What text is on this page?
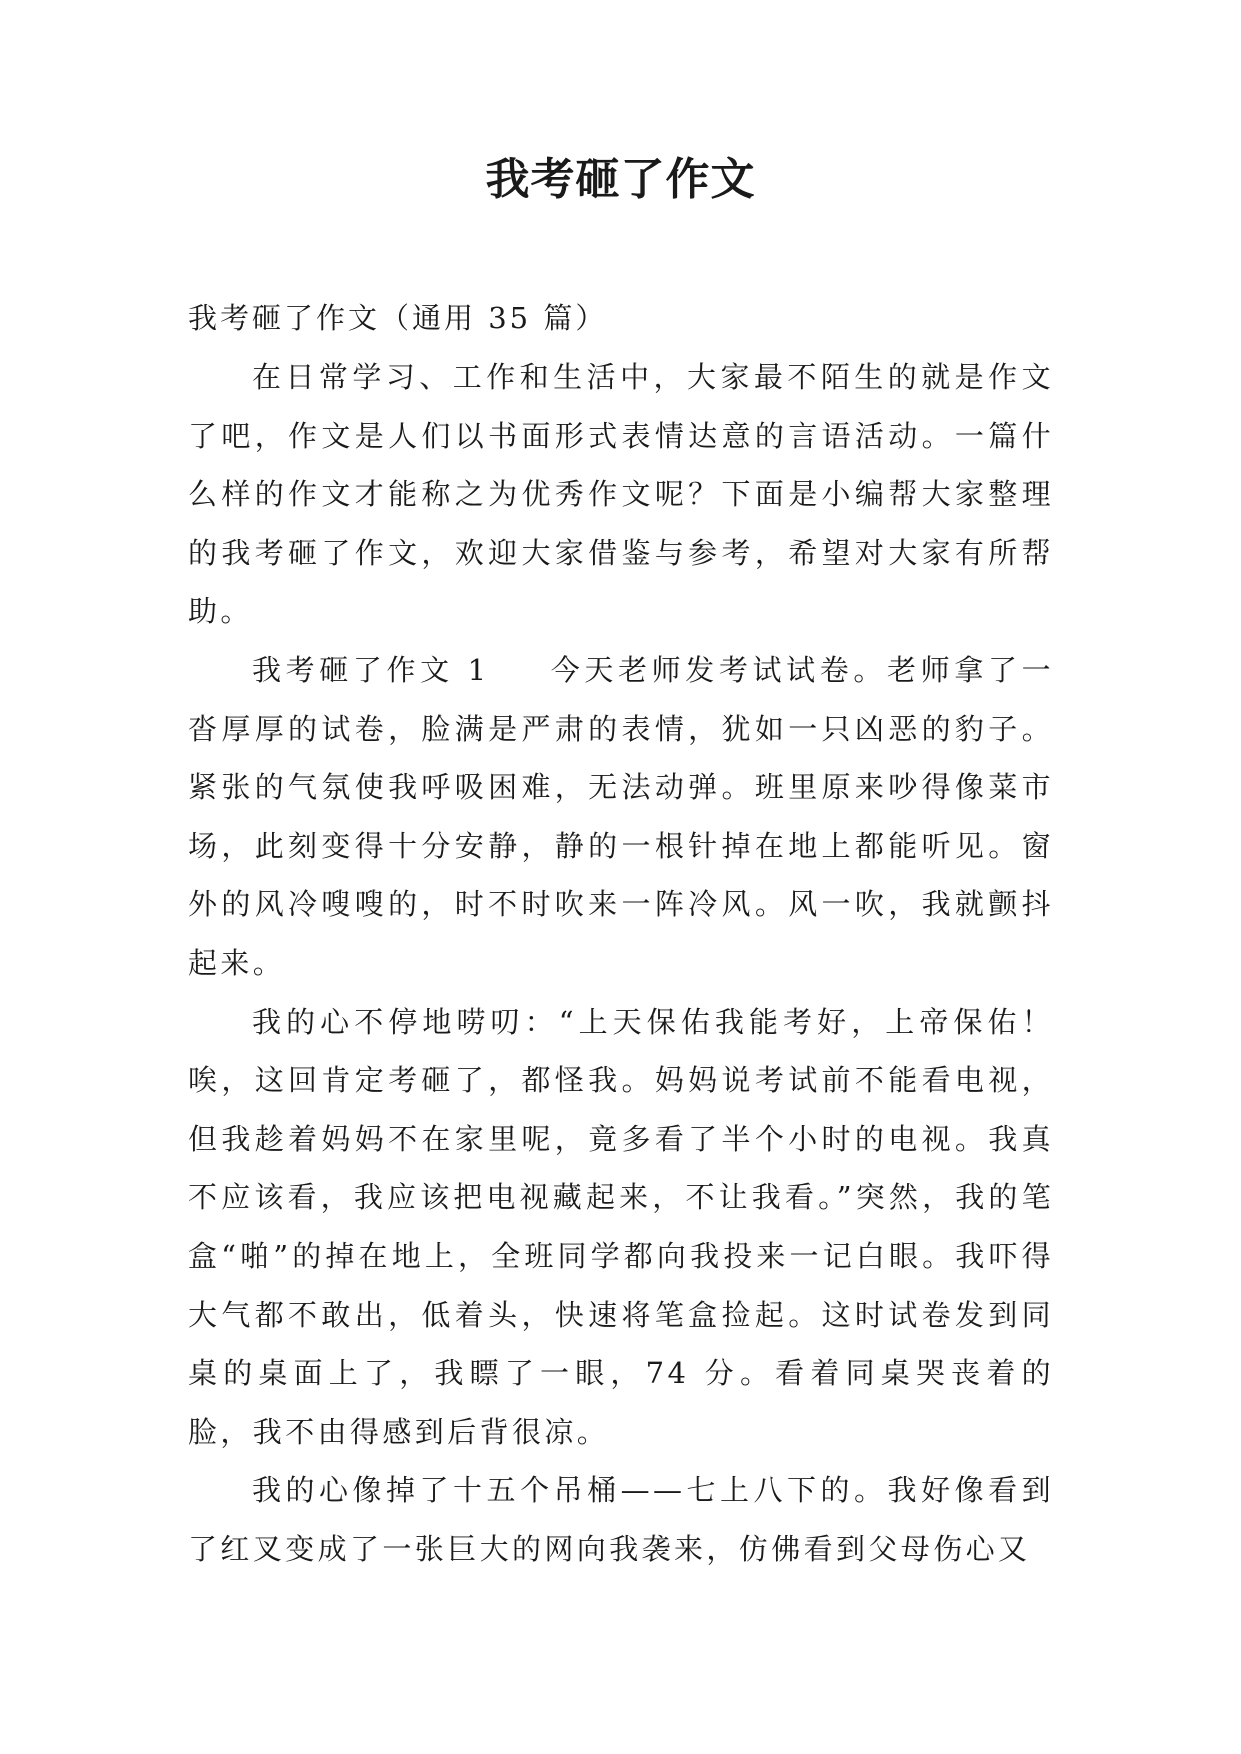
我考砸了作文

我考砸了作文（通用 35 篇）

在日常学习、工作和生活中，大家最不陌生的就是作文了吧，作文是人们以书面形式表情达意的言语活动。一篇什么样的作文才能称之为优秀作文呢？下面是小编帮大家整理的我考砸了作文，欢迎大家借鉴与参考，希望对大家有所帮助。

我考砸了作文 1 今天老师发考试试卷。老师拿了一沓厚厚的试卷，脸满是严肃的表情，犹如一只凶恶的豹子。紧张的气氛使我呼吸困难，无法动弹。班里原来吵得像菜市场，此刻变得十分安静，静的一根针掉在地上都能听见。窗外的风冷嗖嗖的，时不时吹来一阵冷风。风一吹，我就颤抖起来。

我的心不停地唠叨：“上天保佑我能考好，上帝保佑！唉，这回肯定考砸了，都怪我。妈妈说考试前不能看电视，但我趁着妈妈不在家里呢，竟多看了半个小时的电视。我真不应该看，我应该把电视藏起来，不让我看。”突然，我的笔盒“啪”的掉在地上，全班同学都向我投来一记白眼。我吓得大气都不敢出，低着头，快速将笔盒捡起。这时试卷发到同桌的桌面上了，我瞟了一眼，74 分。看着同桌哭丧着的脸，我不由得感到后背很凉。

我的心像掉了十五个吊桶——七上八下的。我好像看到了红叉变成了一张巨大的网向我袭来，仿佛看到父母伤心又
